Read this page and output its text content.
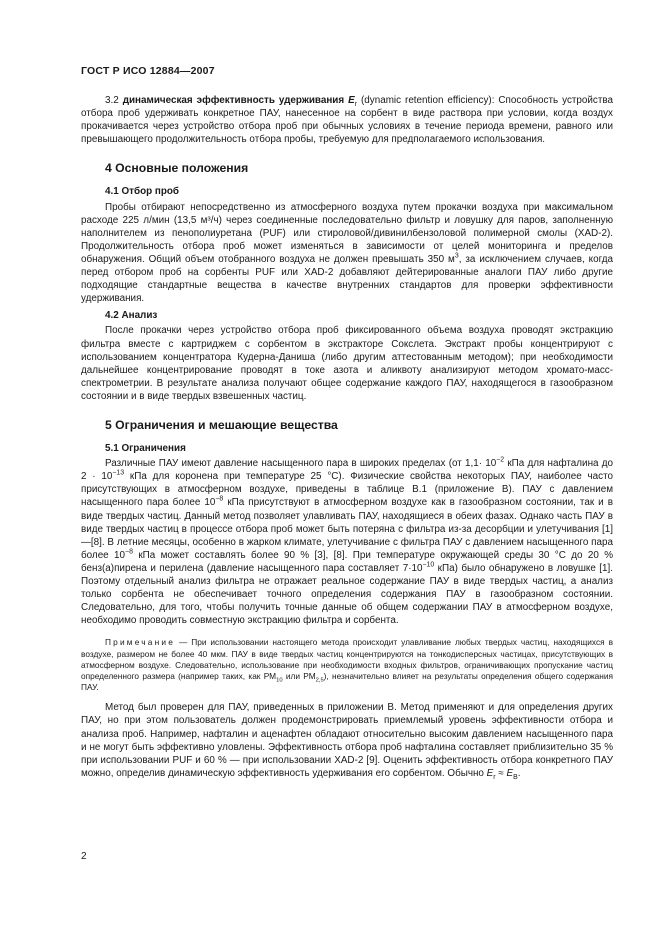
ГОСТ Р ИСО 12884—2007

3.2 динамическая эффективность удерживания $E_r$ (dynamic retention efficiency): Способность устройства отбора проб удерживать конкретное ПАУ, нанесенное на сорбент в виде раствора при условии, когда воздух прокачивается через устройство отбора проб при обычных условиях в течение периода времени, равного или превышающего продолжительность отбора пробы, требуемую для предполагаемого использования.

4 Основные положения
4.1 Отбор проб

Пробы отбирают непосредственно из атмосферного воздуха путем прокачки воздуха при максимальном расходе 225 л/мин (13,5 м³/ч) через соединенные последовательно фильтр и ловушку для паров, заполненную наполнителем из пенополиуретана (PUF) или стироловой/дивинилбензоловой полимерной смолы (XAD-2). Продолжительность отбора проб может изменяться в зависимости от целей мониторинга и пределов обнаружения. Общий объем отобранного воздуха не должен превышать 350 $м^3$, за исключением случаев, когда перед отбором проб на сорбенты PUF или XAD-2 добавляют дейтерированные аналоги ПАУ либо другие подходящие стандартные вещества в качестве внутренних стандартов для проверки эффективности удерживания.

4.2 Анализ

После прокачки через устройство отбора проб фиксированного объема воздуха проводят экстракцию фильтра вместе с картриджем с сорбентом в экстракторе Сокслета. Экстракт пробы концентрируют с использованием концентратора Кудерна-Даниша (либо другим аттестованным методом); при необходимости дальнейшее концентрирование проводят в токе азота и аликвоту анализируют методом хромато-масс-спектрометрии. В результате анализа получают общее содержание каждого ПАУ, находящегося в газообразном состоянии и в виде твердых взвешенных частиц.

5 Ограничения и мешающие вещества
5.1 Ограничения

Различные ПАУ имеют давление насыщенного пара в широких пределах (от $1,1\cdot 10^{-2}$ кПа для нафталина до $2 \cdot 10^{-13}$ кПа для коронена при температуре 25 °С). Физические свойства некоторых ПАУ, наиболее часто присутствующих в атмосферном воздухе, приведены в таблице В.1 (приложение В). ПАУ с давлением насыщенного пара более $10^{-8}$ кПа присутствуют в атмосферном воздухе как в газообразном состоянии, так и в виде твердых частиц. Данный метод позволяет улавливать ПАУ, находящиеся в обеих фазах. Однако часть ПАУ в виде твердых частиц в процессе отбора проб может быть потеряна с фильтра из-за десорбции и улетучивания [1]—[8]. В летние месяцы, особенно в жарком климате, улетучивание с фильтра ПАУ с давлением насыщенного пара более $10^{-8}$ кПа может составлять более 90 % [3], [8]. При температуре окружающей среды 30 °С до 20 % бенз(а)пирена и перилена (давление насыщенного пара составляет $7\cdot 10^{-10}$ кПа) было обнаружено в ловушке [1]. Поэтому отдельный анализ фильтра не отражает реальное содержание ПАУ в виде твердых частиц, а анализ только сорбента не обеспечивает точного определения содержания ПАУ в газообразном состоянии. Следовательно, для того, чтобы получить точные данные об общем содержании ПАУ в атмосферном воздухе, необходимо проводить совместную экстракцию фильтра и сорбента.

Примечание — При использовании настоящего метода происходит улавливание любых твердых частиц, находящихся в воздухе, размером не более 40 мкм. ПАУ в виде твердых частиц концентрируются на тонкодисперсных частицах, присутствующих в атмосферном воздухе. Следовательно, использование при необходимости входных фильтров, ограничивающих пропускание частиц определенного размера (например таких, как $РМ_{10}$ или $РМ_{2,5}$), незначительно влияет на результаты определения общего содержания ПАУ.

Метод был проверен для ПАУ, приведенных в приложении В. Метод применяют и для определения других ПАУ, но при этом пользователь должен продемонстрировать приемлемый уровень эффективности отбора и анализа проб. Например, нафталин и аценафтен обладают относительно высоким давлением насыщенного пара и не могут быть эффективно уловлены. Эффективность отбора проб нафталина составляет приблизительно 35 % при использовании PUF и 60 % — при использовании XAD-2 [9]. Оценить эффективность отбора конкретного ПАУ можно, определив динамическую эффективность удерживания его сорбентом. Обычно $E_r \approx E_В$.

2
